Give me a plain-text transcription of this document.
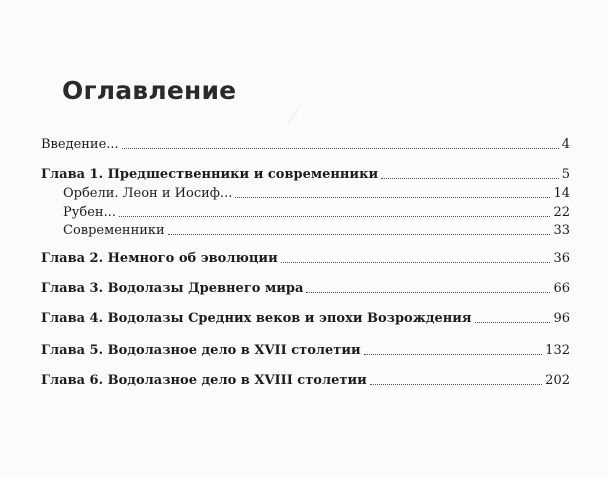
Оглавление
Введение...	4
Глава 1. Предшественники и современники	5
Орбели. Леон и Иосиф...	14
Рубен...	22
Современники	33
Глава 2. Немного об эволюции	36
Глава 3. Водолазы Древнего мира	66
Глава 4. Водолазы Средних веков и эпохи Возрождения	96
Глава 5. Водолазное дело в XVII столетии	132
Глава 6. Водолазное дело в XVIII столетии	202
